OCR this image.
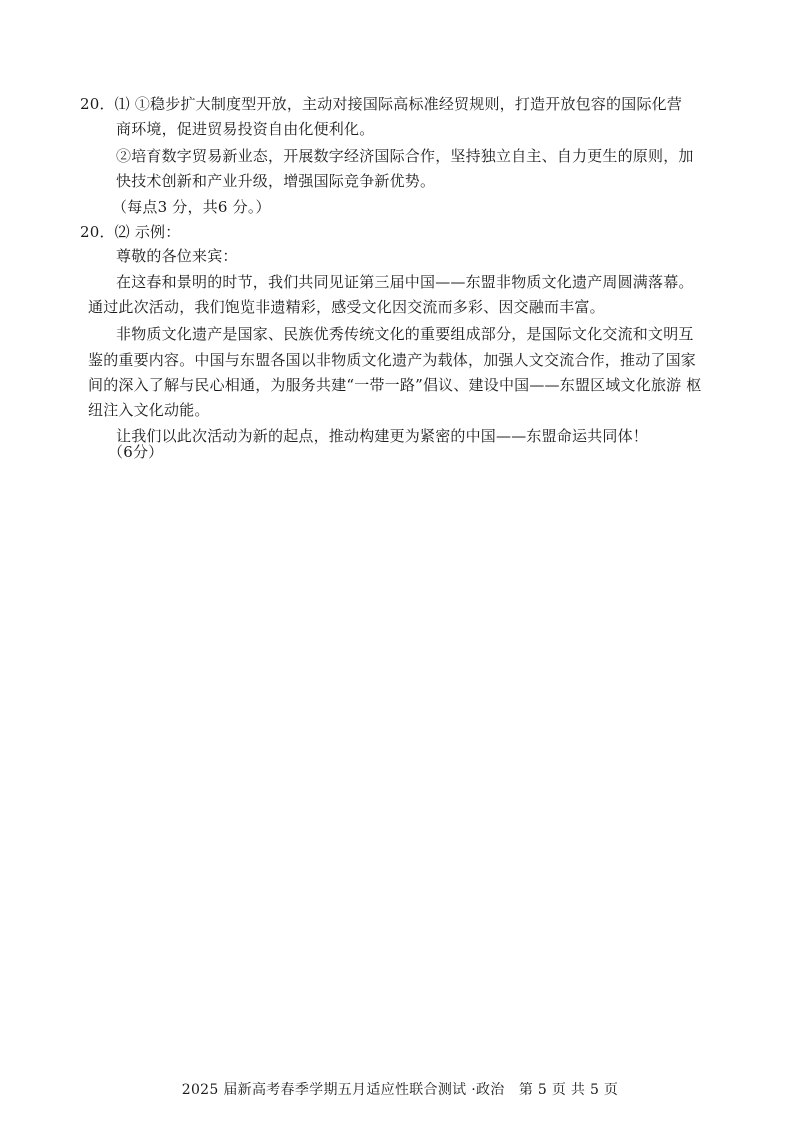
20．⑴ ①稳步扩大制度型开放，主动对接国际高标准经贸规则，打造开放包容的国际化营
商环境，促进贸易投资自由化便利化。
②培育数字贸易新业态，开展数字经济国际合作，坚持独立自主、自力更生的原则，加
快技术创新和产业升级，增强国际竞争新优势。
（每点3 分，共6 分。）
20．⑵ 示例：
尊敬的各位来宾：
在这春和景明的时节，我们共同见证第三届中国——东盟非物质文化遗产周圆满落幕。
通过此次活动，我们饱览非遗精彩，感受文化因交流而多彩、因交融而丰富。
非物质文化遗产是国家、民族优秀传统文化的重要组成部分，是国际文化交流和文明互
鉴的重要内容。中国与东盟各国以非物质文化遗产为载体，加强人文交流合作，推动了国家
间的深入了解与民心相通，为服务共建“一带一路”倡议、建设中国——东盟区域文化旅游 枢
纽注入文化动能。
让我们以此次活动为新的起点，推动构建更为紧密的中国——东盟命运共同体！
（6分）
2025 届新高考春季学期五月适应性联合测试 ·政治　第 5 页 共 5 页
